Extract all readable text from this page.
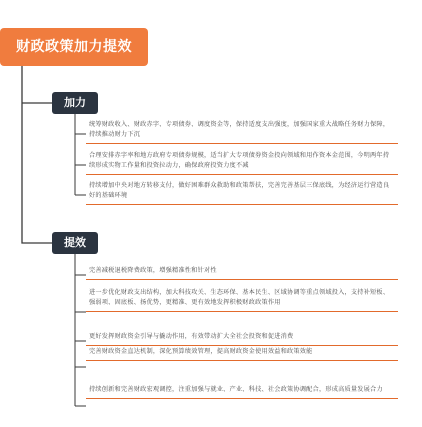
财政政策加力提效
加力
统筹财政收入、财政赤字、专项债券、调度资金等，保持适度支出强度，加强国家重大战略任务财力保障，持续推动财力下沉
合理安排赤字率和地方政府专项债券规模，适当扩大专项债券资金投向领域和用作资本金范围，今明两年持续形成实物工作量和投资拉动力，确保政府投资力度不减
持续增加中央对地方转移支付，做好困难群众救助和政策帮扶，完善完善基层三保底线，为经济运行营造良好的基础环境
提效
完善减税退税降费政策，增强精准性和针对性
进一步优化财政支出结构，加大科技攻关、生态环保、基本民生、区域协调等重点领域投入，支持补短板、强弱项、固底板、扬优势，更精准、更有效地发挥积极财政政策作用
更好发挥财政资金引导与撬动作用，有效带动扩大全社会投资和促进消费
完善财政资金直达机制，深化预算绩效管理，提高财政资金使用效益和政策效能
持续创新和完善财政宏观调控，注重加强与就业、产业、科技、社会政策协调配合，形成高质量发展合力
